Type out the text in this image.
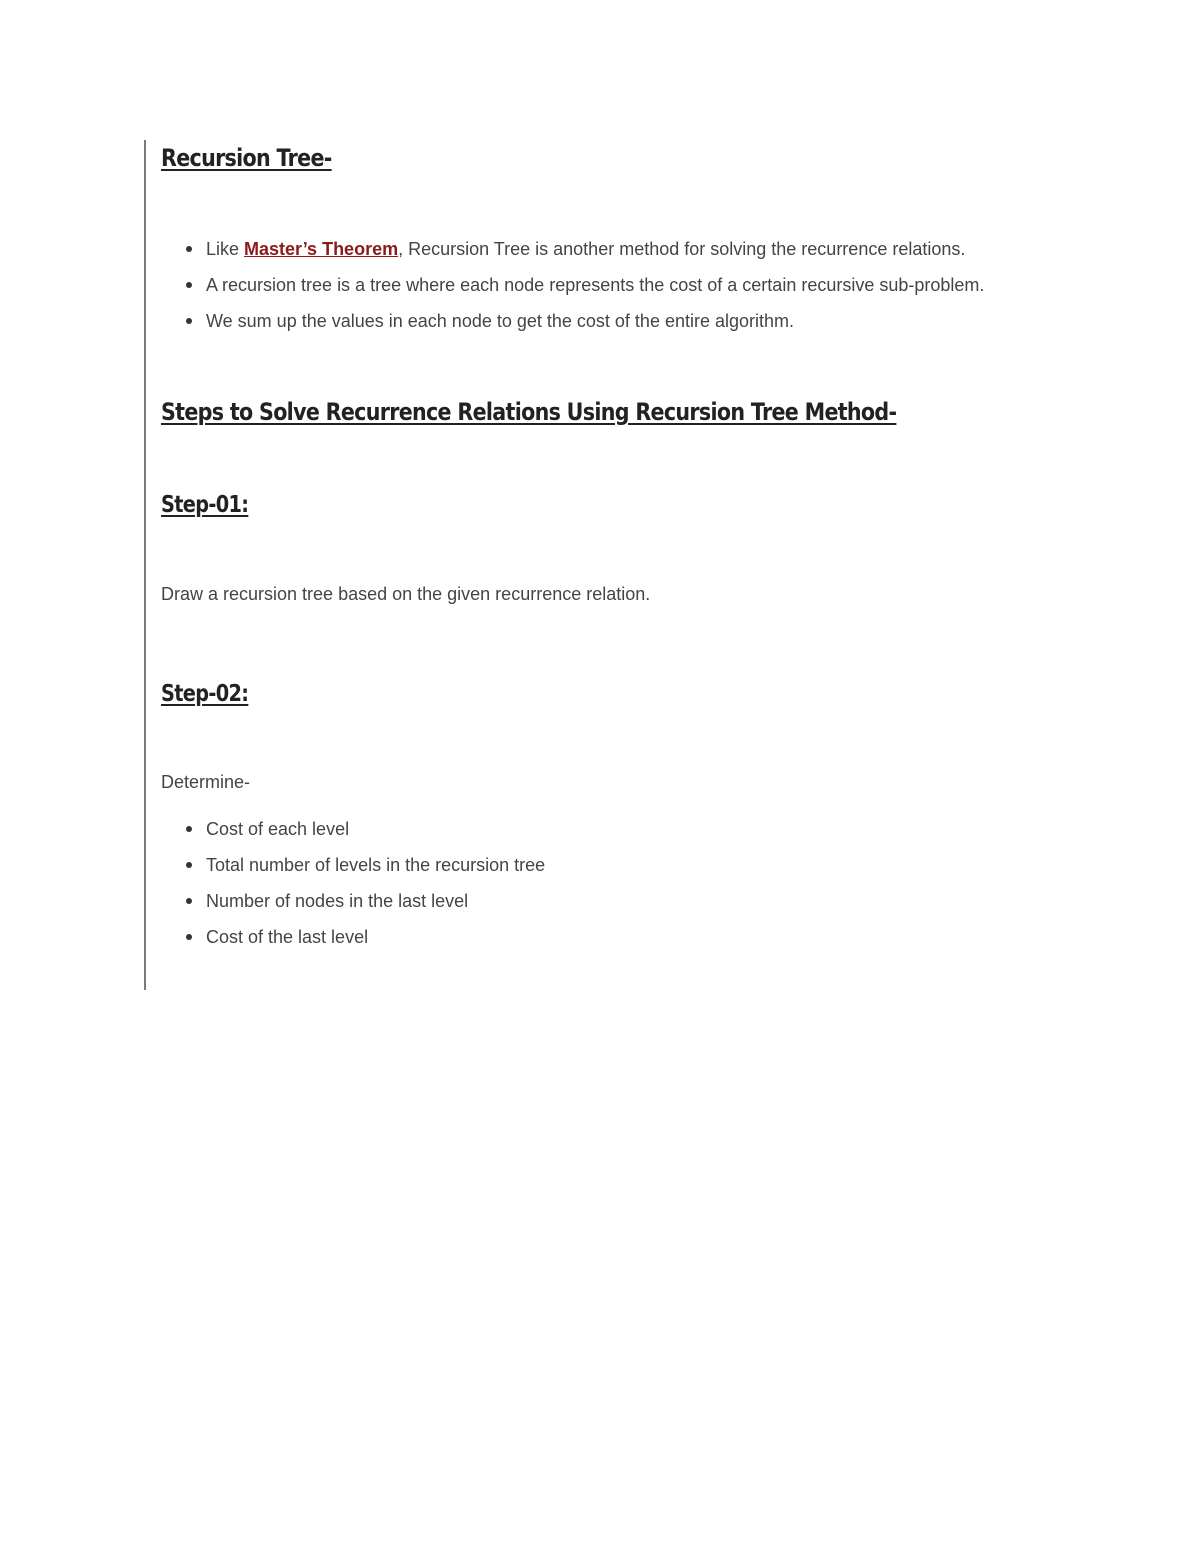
Recursion Tree-
Like Master’s Theorem, Recursion Tree is another method for solving the recurrence relations.
A recursion tree is a tree where each node represents the cost of a certain recursive sub-problem.
We sum up the values in each node to get the cost of the entire algorithm.
Steps to Solve Recurrence Relations Using Recursion Tree Method-
Step-01:

Draw a recursion tree based on the given recurrence relation.

Step-02:

Determine-

Cost of each level
Total number of levels in the recursion tree
Number of nodes in the last level
Cost of the last level
